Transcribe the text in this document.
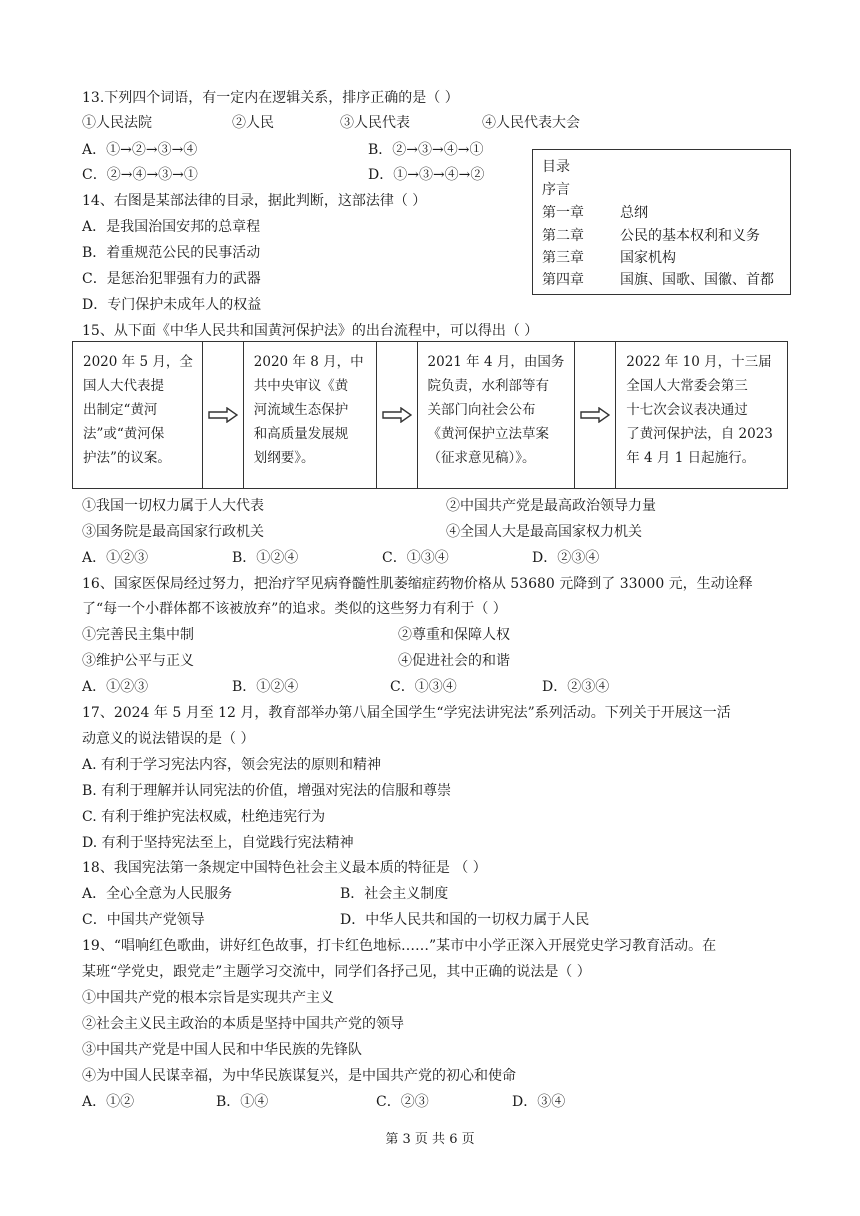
13.下列四个词语，有一定内在逻辑关系，排序正确的是（ ）
①人民法院	②人民	③人民代表	④人民代表大会
A．①→②→③→④	B．②→③→④→①
C．②→④→③→①	D．①→③→④→②	目录
序言
第一章	总纲
第二章	公民的基本权利和义务
第三章	国家机构
第四章	国旗、国歌、国徽、首都
14、右图是某部法律的目录，据此判断，这部法律（ ）
A．是我国治国安邦的总章程
B．着重规范公民的民事活动
C．是惩治犯罪强有力的武器
D．专门保护未成年人的权益
15、从下面《中华人民共和国黄河保护法》的出台流程中，可以得出（ ）
2020 年 5 月，全
国人大代表提
出制定“黄河
法”或“黄河保
护法”的议案。
2020 年 8 月，中
共中央审议《黄
河流域生态保护
和高质量发展规
划纲要》。
2021 年 4 月，由国务
院负责，水利部等有
关部门向社会公布
《黄河保护立法草案
（征求意见稿）》。
2022 年 10 月，十三届
全国人大常委会第三
十七次会议表决通过
了黄河保护法，自 2023
年 4 月 1 日起施行。
①我国一切权力属于人大代表	②中国共产党是最高政治领导力量
③国务院是最高国家行政机关	④全国人大是最高国家权力机关
A．①②③	B．①②④	C．①③④	D．②③④
16、国家医保局经过努力，把治疗罕见病脊髓性肌萎缩症药物价格从 53680 元降到了 33000 元，生动诠释
了“每一个小群体都不该被放弃”的追求。类似的这些努力有利于（ ）
①完善民主集中制	②尊重和保障人权
③维护公平与正义	④促进社会的和谐
A．①②③	B．①②④	C．①③④	D．②③④
17、2024 年 5 月至 12 月，教育部举办第八届全国学生“学宪法讲宪法”系列活动。下列关于开展这一活
动意义的说法错误的是（ ）
A. 有利于学习宪法内容，领会宪法的原则和精神
B. 有利于理解并认同宪法的价值，增强对宪法的信服和尊崇
C. 有利于维护宪法权威，杜绝违宪行为
D. 有利于坚持宪法至上，自觉践行宪法精神
18、我国宪法第一条规定中国特色社会主义最本质的特征是 （ ）
A．全心全意为人民服务	B．社会主义制度
C．中国共产党领导	D．中华人民共和国的一切权力属于人民
19、“唱响红色歌曲，讲好红色故事，打卡红色地标……”某市中小学正深入开展党史学习教育活动。在
某班“学党史，跟党走”主题学习交流中，同学们各抒己见，其中正确的说法是（ ）
①中国共产党的根本宗旨是实现共产主义
②社会主义民主政治的本质是坚持中国共产党的领导
③中国共产党是中国人民和中华民族的先锋队
④为中国人民谋幸福，为中华民族谋复兴，是中国共产党的初心和使命
A．①②	B．①④	C．②③	D．③④
第 3 页 共 6 页
